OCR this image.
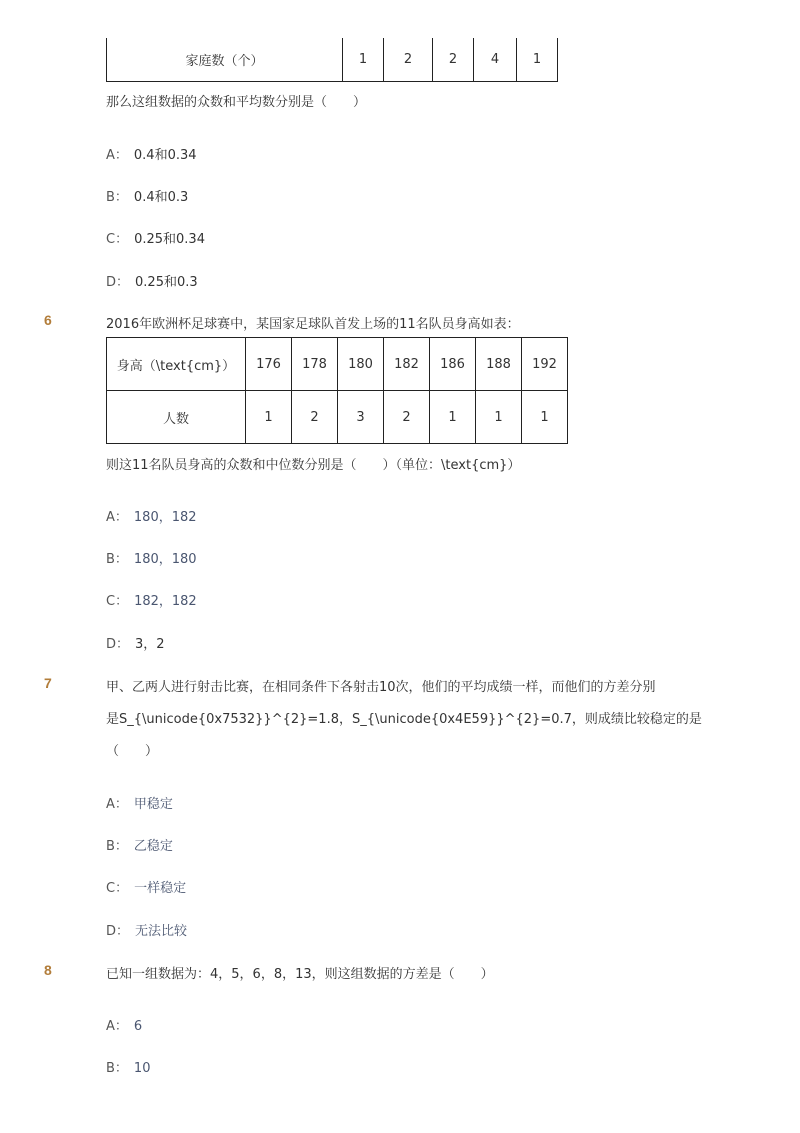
家庭数（个）	1	2	2	4	1
那么这组数据的众数和平均数分别是（　　）
A： 0.4和0.34
B： 0.4和0.3
C： 0.25和0.34
D： 0.25和0.3
6	2016年欧洲杯足球赛中，某国家足球队首发上场的11名队员身高如表：
身高（\text{cm}）	176	178	180	182	186	188	192
人数	1	2	3	2	1	1	1
则这11名队员身高的众数和中位数分别是（　　）（单位：\text{cm}）
A： 180，182
B： 180，180
C： 182，182
D： 3，2
7	甲、乙两人进行射击比赛，在相同条件下各射击10次，他们的平均成绩一样，而他们的方差分别
是S_{\unicode{0x7532}}^{2}=1.8，S_{\unicode{0x4E59}}^{2}=0.7，则成绩比较稳定的是
（　　）
A： 甲稳定
B： 乙稳定
C： 一样稳定
D： 无法比较
8	已知一组数据为：4，5，6，8，13，则这组数据的方差是（　　）
A： 6
B： 10
